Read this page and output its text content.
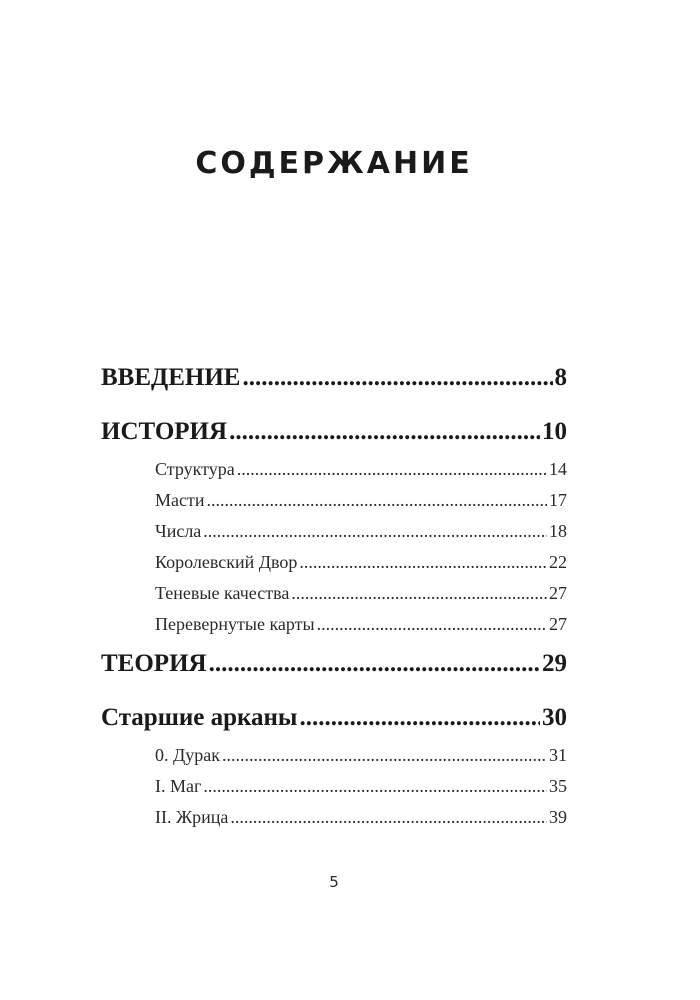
СОДЕРЖАНИЕ
ВВЕДЕНИЕ .....	8
ИСТОРИЯ .....	10
Структура .....	14
Масти .....	17
Числа .....	18
Королевский Двор .....	22
Теневые качества .....	27
Перевернутые карты .....	27
ТЕОРИЯ .....	29
Старшие арканы .....	30
0. Дурак .....	31
I. Маг .....	35
II. Жрица .....	39
5
